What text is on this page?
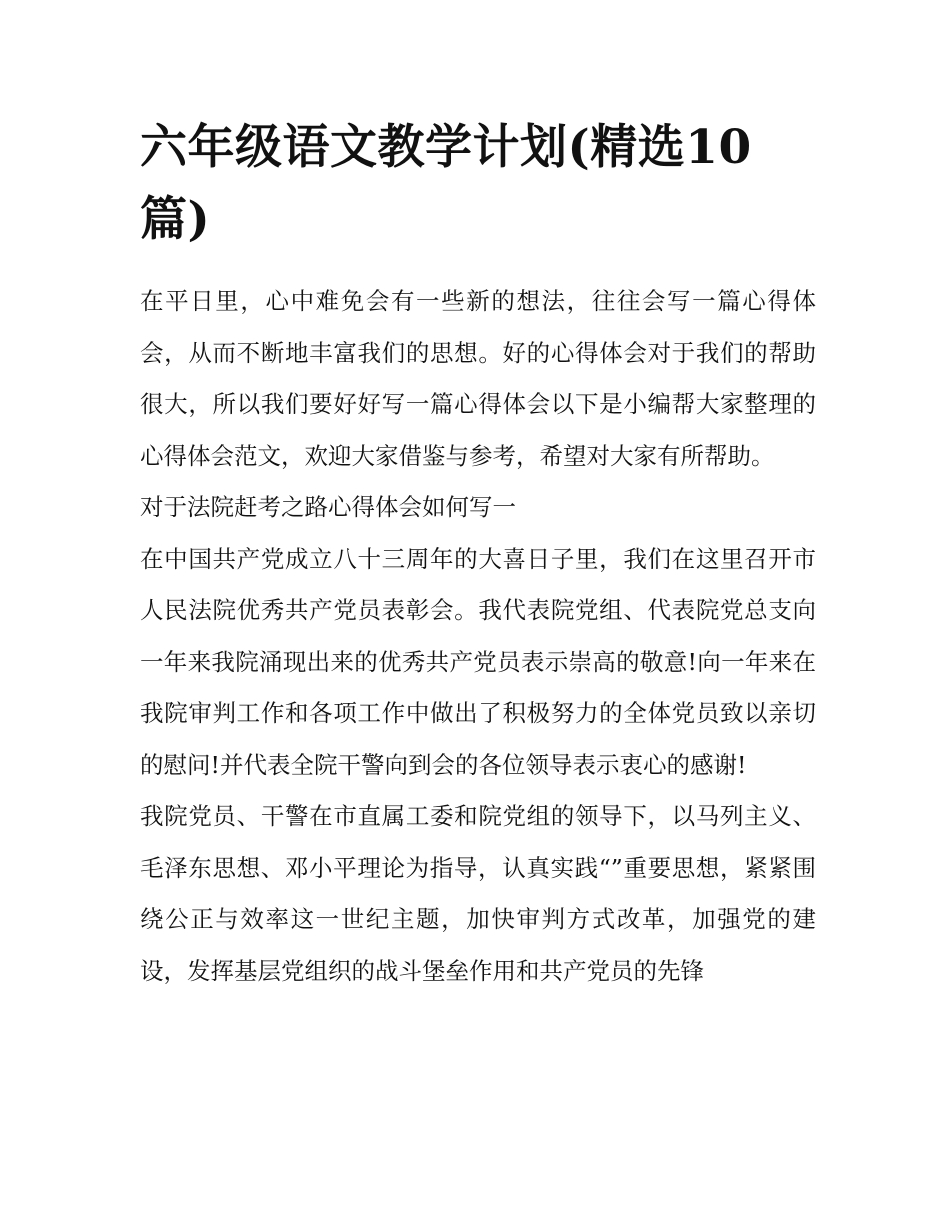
六年级语文教学计划(精选10篇)

在平日里，心中难免会有一些新的想法，往往会写一篇心得体会，从而不断地丰富我们的思想。好的心得体会对于我们的帮助很大，所以我们要好好写一篇心得体会以下是小编帮大家整理的心得体会范文，欢迎大家借鉴与参考，希望对大家有所帮助。

对于法院赶考之路心得体会如何写一

在中国共产党成立八十三周年的大喜日子里，我们在这里召开市人民法院优秀共产党员表彰会。我代表院党组、代表院党总支向一年来我院涌现出来的优秀共产党员表示崇高的敬意!向一年来在我院审判工作和各项工作中做出了积极努力的全体党员致以亲切的慰问!并代表全院干警向到会的各位领导表示衷心的感谢!

我院党员、干警在市直属工委和院党组的领导下，以马列主义、毛泽东思想、邓小平理论为指导，认真实践“”重要思想，紧紧围绕公正与效率这一世纪主题，加快审判方式改革，加强党的建设，发挥基层党组织的战斗堡垒作用和共产党员的先锋
